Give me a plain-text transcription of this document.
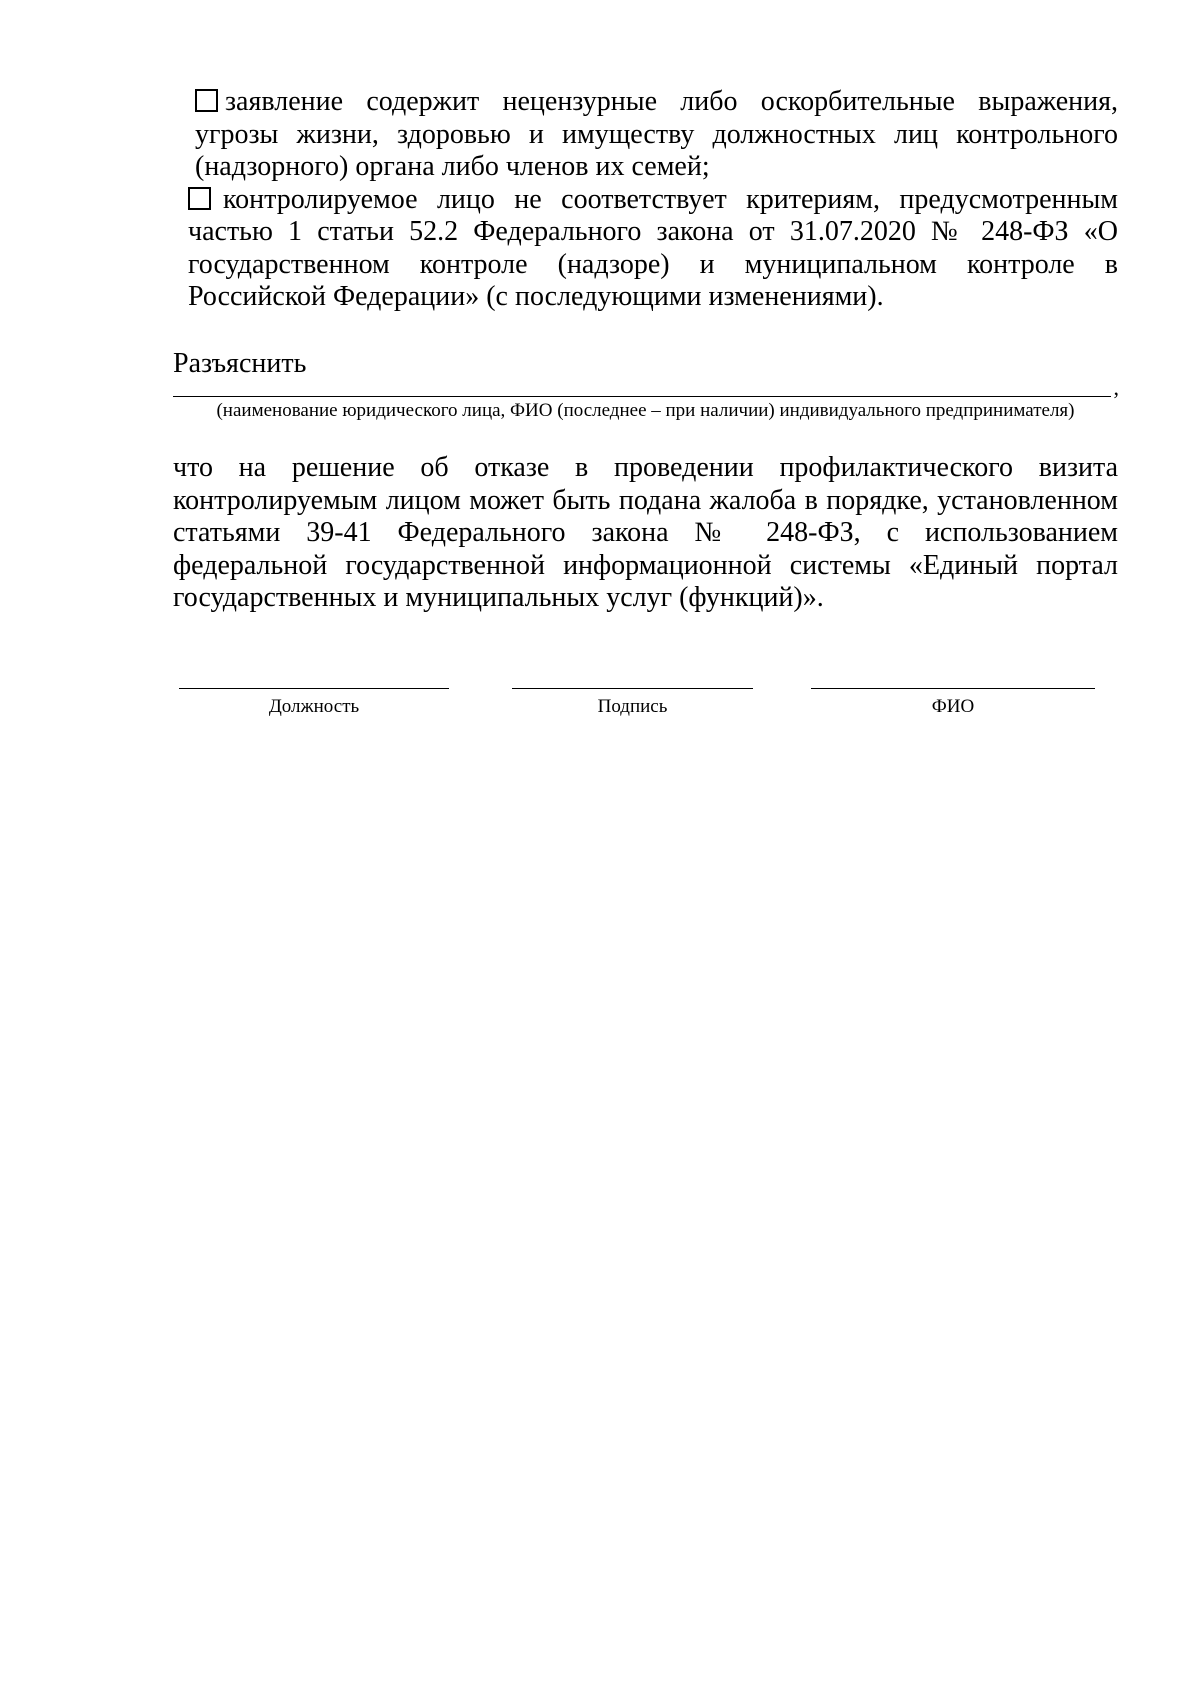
заявление содержит нецензурные либо оскорбительные выражения, угрозы жизни, здоровью и имуществу должностных лиц контрольного (надзорного) органа либо членов их семей;

контролируемое лицо не соответствует критериям, предусмотренным частью 1 статьи 52.2 Федерального закона от 31.07.2020 № 248-ФЗ «О государственном контроле (надзоре) и муниципальном контроле в Российской Федерации» (с последующими изменениями).

Разъяснить

,
(наименование юридического лица, ФИО (последнее – при наличии) индивидуального предпринимателя)

что на решение об отказе в проведении профилактического визита контролируемым лицом может быть подана жалоба в порядке, установленном статьями 39-41 Федерального закона № 248-ФЗ, с использованием федеральной государственной информационной системы «Единый портал государственных и муниципальных услуг (функций)».

Должность	Подпись	ФИО
